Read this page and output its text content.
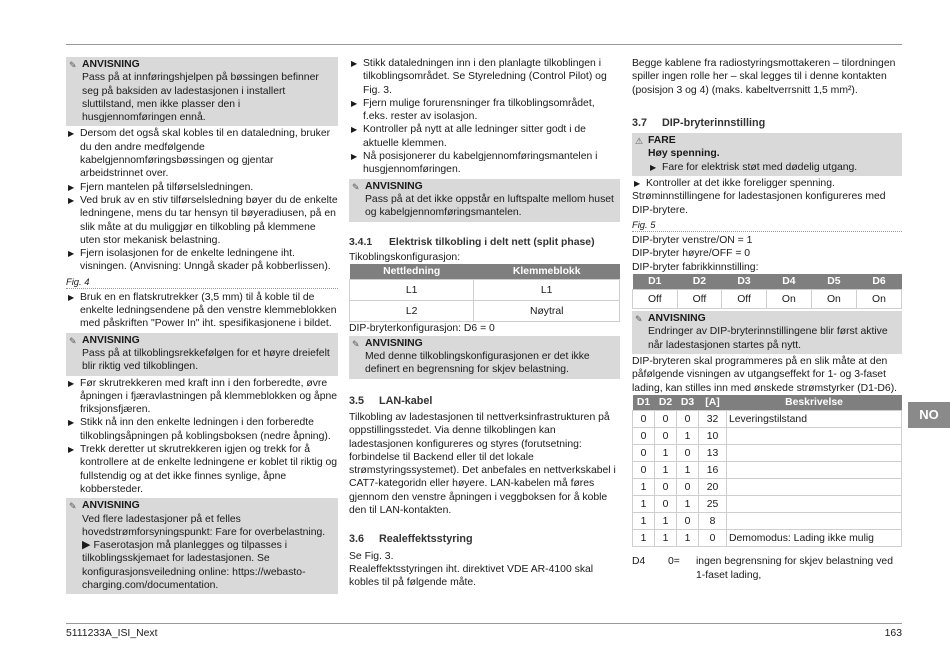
✎ ANVISNING
Pass på at innføringshjelpen på bøssingen befinner seg på baksiden av ladestasjonen i installert sluttilstand, men ikke plasser den i husgjennomføringen ennå.
▶ Dersom det også skal kobles til en dataledning, bruker du den andre medfølgende kabelgjennomføringsbøssingen og gjentar arbeidstrinnet over.
▶ Fjern mantelen på tilførselsledningen.
▶ Ved bruk av en stiv tilførselsledning bøyer du de enkelte ledningene, mens du tar hensyn til bøyeradiusen, på en slik måte at du muliggjør en tilkobling på klemmene uten stor mekanisk belastning.
▶ Fjern isolasjonen for de enkelte ledningene iht. visningen. (Anvisning: Unngå skader på kobberlissen).
Fig. 4
▶ Bruk en en flatskrutrekker (3,5 mm) til å koble til de enkelte ledningsendene på den venstre klemmeblokken med påskriften "Power In" iht. spesifikasjonene i bildet.
✎ ANVISNING
Pass på at tilkoblingsrekkefølgen for et høyre dreiefelt blir riktig ved tilkoblingen.
▶ Før skrutrekkeren med kraft inn i den forberedte, øvre åpningen i fjæravlastningen på klemmeblokken og åpne friksjonsfjæren.
▶ Stikk nå inn den enkelte ledningen i den forberedte tilkoblingsåpningen på koblingsboksen (nedre åpning).
▶ Trekk deretter ut skrutrekkeren igjen og trekk for å kontrollere at de enkelte ledningene er koblet til riktig og fullstendig og at det ikke finnes synlige, åpne kobbersteder.
✎ ANVISNING
Ved flere ladestasjoner på et felles hovedstrømforsyningspunkt: Fare for overbelastning.
▶ Faserotasjon må planlegges og tilpasses i tilkoblingsskjemaet for ladestasjonen. Se konfigurasjonsveiledning online: https://webasto-charging.com/documentation.
▶ Stikk dataledningen inn i den planlagte tilkoblingen i tilkoblingsområdet. Se Styreledning (Control Pilot) og Fig. 3.
▶ Fjern mulige forurensninger fra tilkoblingsområdet, f.eks. rester av isolasjon.
▶ Kontroller på nytt at alle ledninger sitter godt i de aktuelle klemmen.
▶ Nå posisjonerer du kabelgjennomføringsmantelen i husgjennomføringen.
✎ ANVISNING
Pass på at det ikke oppstår en luftspalte mellom huset og kabelgjennomføringsmantelen.
3.4.1 Elektrisk tilkobling i delt nett (split phase)

Tikoblingskonfigurasjon:

Nettledning	Klemmeblokk
L1	L1
L2	Nøytral

DIP-bryterkonfigurasjon: D6 = 0

✎ ANVISNING
Med denne tilkoblingskonfigurasjonen er det ikke definert en begrensning for skjev belastning.
3.5 LAN-kabel

Tilkobling av ladestasjonen til nettverksinfrastrukturen på oppstillingsstedet. Via denne tilkoblingen kan ladestasjonen konfigureres og styres (forutsetning: forbindelse til Backend eller til det lokale strømstyringssystemet). Det anbefales en nettverkskabel i CAT7-kategoridn eller høyere. LAN-kabelen må føres gjennom den venstre åpningen i veggboksen for å koble den til LAN-kontakten.

3.6 Realeffektsstyring

Se Fig. 3.

Realeffektsstyringen iht. direktivet VDE AR-4100 skal kobles til på følgende måte.

Begge kablene fra radiostyringsmottakeren – tilordningen spiller ingen rolle her – skal legges til i denne kontakten (posisjon 3 og 4) (maks. kabeltverrsnitt 1,5 mm²).

3.7 DIP-bryterinnstilling
⚠ FARE
Høy spenning.
▶ Fare for elektrisk støt med dødelig utgang.
▶ Kontroller at det ikke foreligger spenning.

Strøminnstillingene for ladestasjonen konfigureres med DIP-brytere.

Fig. 5

DIP-bryter venstre/ON = 1

DIP-bryter høyre/OFF = 0

DIP-bryter fabrikkinnstilling:

D1	D2	D3	D4	D5	D6
Off	Off	Off	On	On	On
✎ ANVISNING
Endringer av DIP-bryterinnstillingene blir først aktive når ladestasjonen startes på nytt.

DIP-bryteren skal programmeres på en slik måte at den påfølgende visningen av utgangseffekt for 1- og 3-faset lading, kan stilles inn med ønskede strømstyrker (D1-D6).

D1	D2	D3	[A]	Beskrivelse
0	0	0	32	Leveringstilstand
0	0	1	10	
0	1	0	13	
0	1	1	16	
1	0	0	20	
1	0	1	25	
1	1	0	8	
1	1	1	0	Demomodus: Lading ikke mulig
D4	0=	ingen begrensning for skjev belastning ved 1-faset lading,
NO
5111233A_ISI_Next	163
